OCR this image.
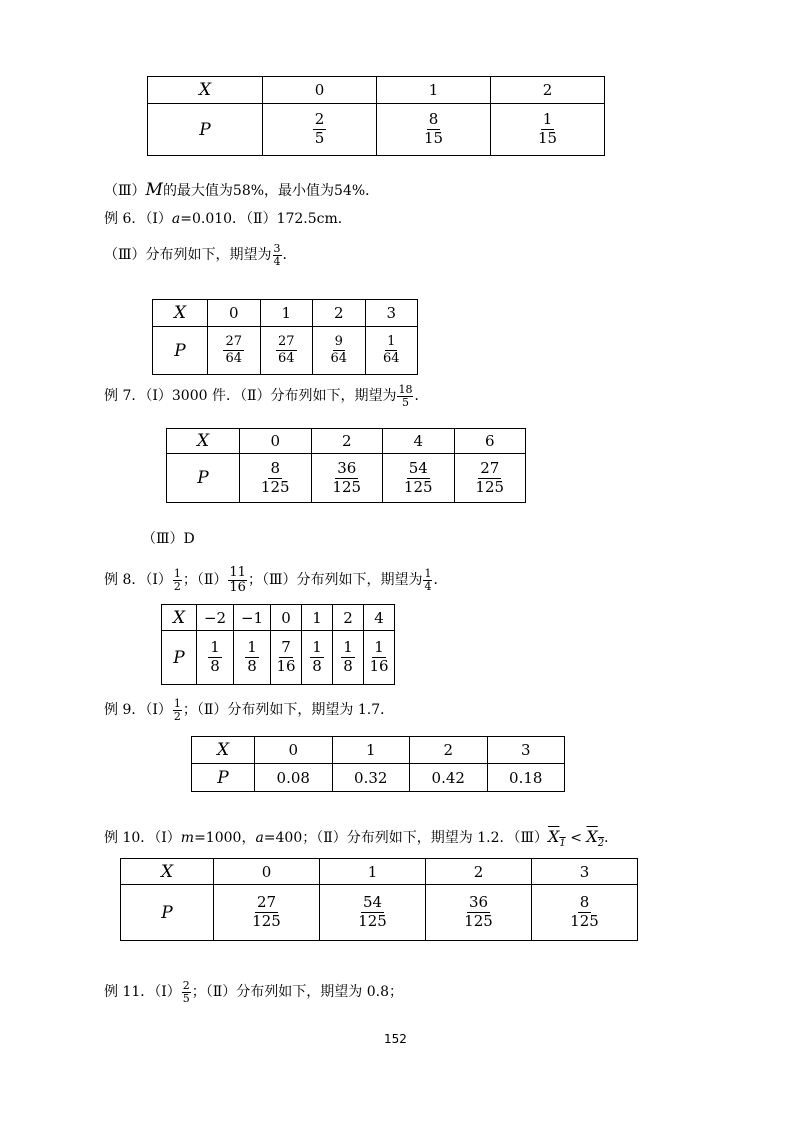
X	0	1	2
P	$\frac{2}{5}$	$\frac{8}{15}$	$\frac{1}{15}$
（Ⅲ）M的最大值为58%，最小值为54%．
例 6．（Ⅰ）a=0.010．（Ⅱ）172.5cm．
（Ⅲ）分布列如下，期望为 $\frac{3}{4}$ ．
X	0	1	2	3
P	$\frac{27}{64}$	$\frac{27}{64}$	$\frac{9}{64}$	$\frac{1}{64}$
例 7．（Ⅰ）3000 件．（Ⅱ）分布列如下，期望为 $\frac{18}{5}$ ．
X	0	2	4	6
P	$\frac{8}{125}$	$\frac{36}{125}$	$\frac{54}{125}$	$\frac{27}{125}$
（Ⅲ）D
例 8．（Ⅰ） $\frac{1}{2}$ ；（Ⅱ） $\frac{11}{16}$ ；（Ⅲ）分布列如下，期望为 $\frac{1}{4}$ ．
X	−2	−1	0	1	2	4
P	$\frac{1}{8}$	$\frac{1}{8}$	$\frac{7}{16}$	$\frac{1}{8}$	$\frac{1}{8}$	$\frac{1}{16}$
例 9．（Ⅰ） $\frac{1}{2}$ ；（Ⅱ）分布列如下，期望为 1.7．
X	0	1	2	3
P	0.08	0.32	0.42	0.18
例 10．（Ⅰ）m=1000，a=400；（Ⅱ）分布列如下，期望为 1.2．$(Ⅲ)X_1 < X_2$．
X	0	1	2	3
P	$\frac{27}{125}$	$\frac{54}{125}$	$\frac{36}{125}$	$\frac{8}{125}$
例 11．（Ⅰ） $\frac{2}{5}$ ；（Ⅱ）分布列如下，期望为 0.8；
152
